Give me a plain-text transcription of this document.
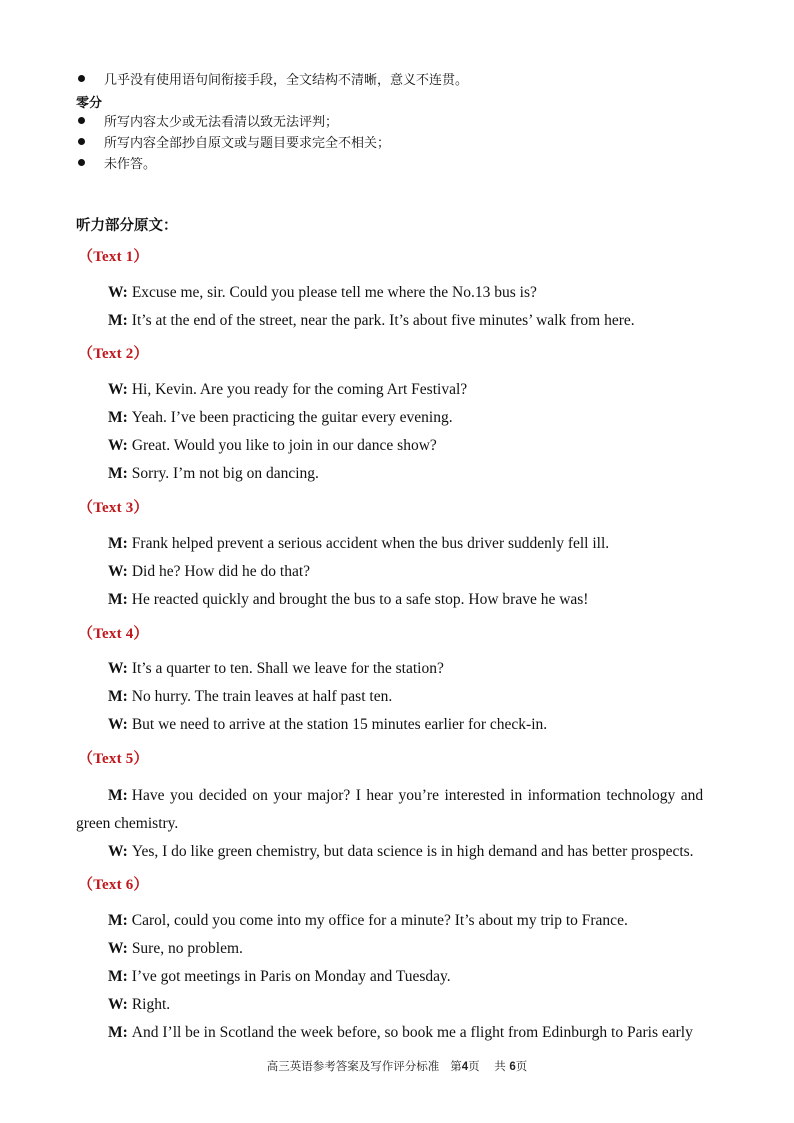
几乎没有使用语句间衔接手段，全文结构不清晰，意义不连贯。
零分
所写内容太少或无法看清以致无法评判；
所写内容全部抄自原文或与题目要求完全不相关；
未作答。
听力部分原文：
（Text 1）
W: Excuse me, sir. Could you please tell me where the No.13 bus is?
M: It’s at the end of the street, near the park. It’s about five minutes’ walk from here.
（Text 2）
W: Hi, Kevin. Are you ready for the coming Art Festival?
M: Yeah. I’ve been practicing the guitar every evening.
W: Great. Would you like to join in our dance show?
M: Sorry. I’m not big on dancing.
（Text 3）
M: Frank helped prevent a serious accident when the bus driver suddenly fell ill.
W: Did he? How did he do that?
M: He reacted quickly and brought the bus to a safe stop. How brave he was!
（Text 4）
W: It’s a quarter to ten. Shall we leave for the station?
M: No hurry. The train leaves at half past ten.
W: But we need to arrive at the station 15 minutes earlier for check-in.
（Text 5）
M: Have you decided on your major? I hear you’re interested in information technology and
green chemistry.
W: Yes, I do like green chemistry, but data science is in high demand and has better prospects.
（Text 6）
M: Carol, could you come into my office for a minute? It’s about my trip to France.
W: Sure, no problem.
M: I’ve got meetings in Paris on Monday and Tuesday.
W: Right.
M: And I’ll be in Scotland the week before, so book me a flight from Edinburgh to Paris early
高三英语参考答案及写作评分标准 第4页 共 6页
